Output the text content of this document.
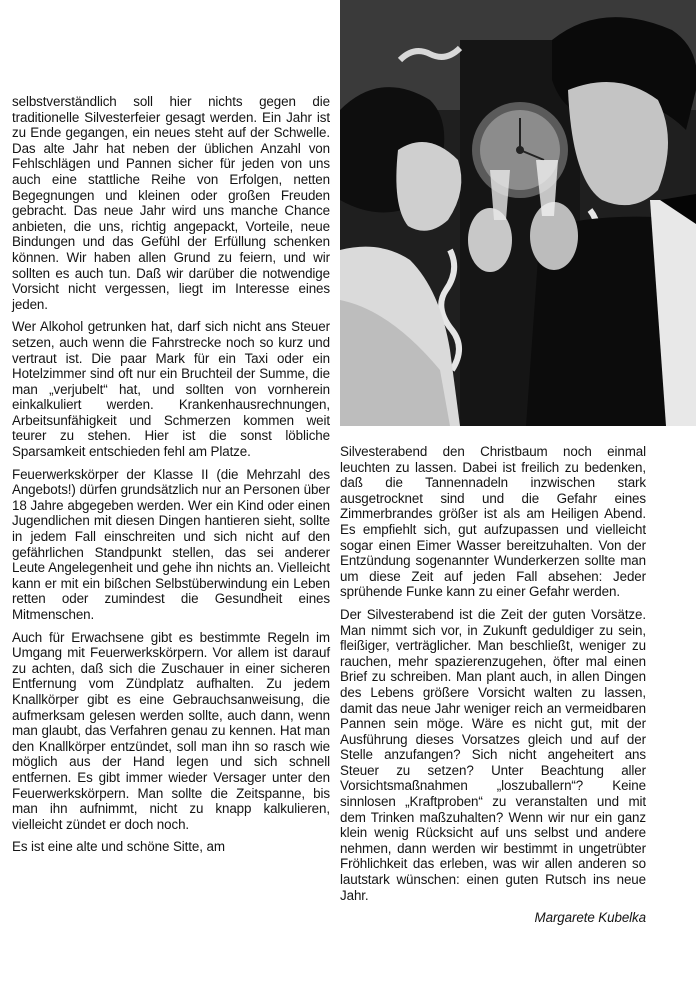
selbstverständlich soll hier nichts gegen die traditionelle Silvesterfeier gesagt werden. Ein Jahr ist zu Ende gegangen, ein neues steht auf der Schwelle. Das alte Jahr hat neben der üblichen Anzahl von Fehlschlägen und Pannen sicher für jeden von uns auch eine stattliche Reihe von Erfolgen, netten Begegnungen und kleinen oder großen Freuden gebracht. Das neue Jahr wird uns manche Chance anbieten, die uns, richtig angepackt, Vorteile, neue Bindungen und das Gefühl der Erfüllung schenken können. Wir haben allen Grund zu feiern, und wir sollten es auch tun. Daß wir darüber die notwendige Vorsicht nicht vergessen, liegt im Interesse eines jeden.

Wer Alkohol getrunken hat, darf sich nicht ans Steuer setzen, auch wenn die Fahrstrecke noch so kurz und vertraut ist. Die paar Mark für ein Taxi oder ein Hotelzimmer sind oft nur ein Bruchteil der Summe, die man „verjubelt“ hat, und sollten von vornherein einkalkuliert werden. Krankenhausrechnungen, Arbeitsunfähigkeit und Schmerzen kommen weit teurer zu stehen. Hier ist die sonst löbliche Sparsamkeit entschieden fehl am Platze.

Feuerwerkskörper der Klasse II (die Mehrzahl des Angebots!) dürfen grundsätzlich nur an Personen über 18 Jahre abgegeben werden. Wer ein Kind oder einen Jugendlichen mit diesen Dingen hantieren sieht, sollte in jedem Fall einschreiten und sich nicht auf den gefährlichen Standpunkt stellen, das sei anderer Leute Angelegenheit und gehe ihn nichts an. Vielleicht kann er mit ein bißchen Selbstüberwindung ein Leben retten oder zumindest die Gesundheit eines Mitmenschen.

Auch für Erwachsene gibt es bestimmte Regeln im Umgang mit Feuerwerkskörpern. Vor allem ist darauf zu achten, daß sich die Zuschauer in einer sicheren Entfernung vom Zündplatz aufhalten. Zu jedem Knallkörper gibt es eine Gebrauchsanweisung, die aufmerksam gelesen werden sollte, auch dann, wenn man glaubt, das Verfahren genau zu kennen. Hat man den Knallkörper entzündet, soll man ihn so rasch wie möglich aus der Hand legen und sich schnell entfernen. Es gibt immer wieder Versager unter den Feuerwerkskörpern. Man sollte die Zeitspanne, bis man ihn aufnimmt, nicht zu knapp kalkulieren, vielleicht zündet er doch noch.

Es ist eine alte und schöne Sitte, am

Silvesterabend den Christbaum noch einmal leuchten zu lassen. Dabei ist freilich zu bedenken, daß die Tannennadeln inzwischen stark ausgetrocknet sind und die Gefahr eines Zimmerbrandes größer ist als am Heiligen Abend. Es empfiehlt sich, gut aufzupassen und vielleicht sogar einen Eimer Wasser bereitzuhalten. Von der Entzündung sogenannter Wunderkerzen sollte man um diese Zeit auf jeden Fall absehen: Jeder sprühende Funke kann zu einer Gefahr werden.

Der Silvesterabend ist die Zeit der guten Vorsätze. Man nimmt sich vor, in Zukunft geduldiger zu sein, fleißiger, verträglicher. Man beschließt, weniger zu rauchen, mehr spazierenzugehen, öfter mal einen Brief zu schreiben. Man plant auch, in allen Dingen des Lebens größere Vorsicht walten zu lassen, damit das neue Jahr weniger reich an vermeidbaren Pannen sein möge. Wäre es nicht gut, mit der Ausführung dieses Vorsatzes gleich und auf der Stelle anzufangen? Sich nicht angeheitert ans Steuer zu setzen? Unter Beachtung aller Vorsichtsmaßnahmen „loszuballern“? Keine sinnlosen „Kraftproben“ zu veranstalten und mit dem Trinken maßzuhalten? Wenn wir nur ein ganz klein wenig Rücksicht auf uns selbst und andere nehmen, dann werden wir bestimmt in ungetrübter Fröhlichkeit das erleben, was wir allen anderen so lautstark wünschen: einen guten Rutsch ins neue Jahr.

Margarete Kubelka
